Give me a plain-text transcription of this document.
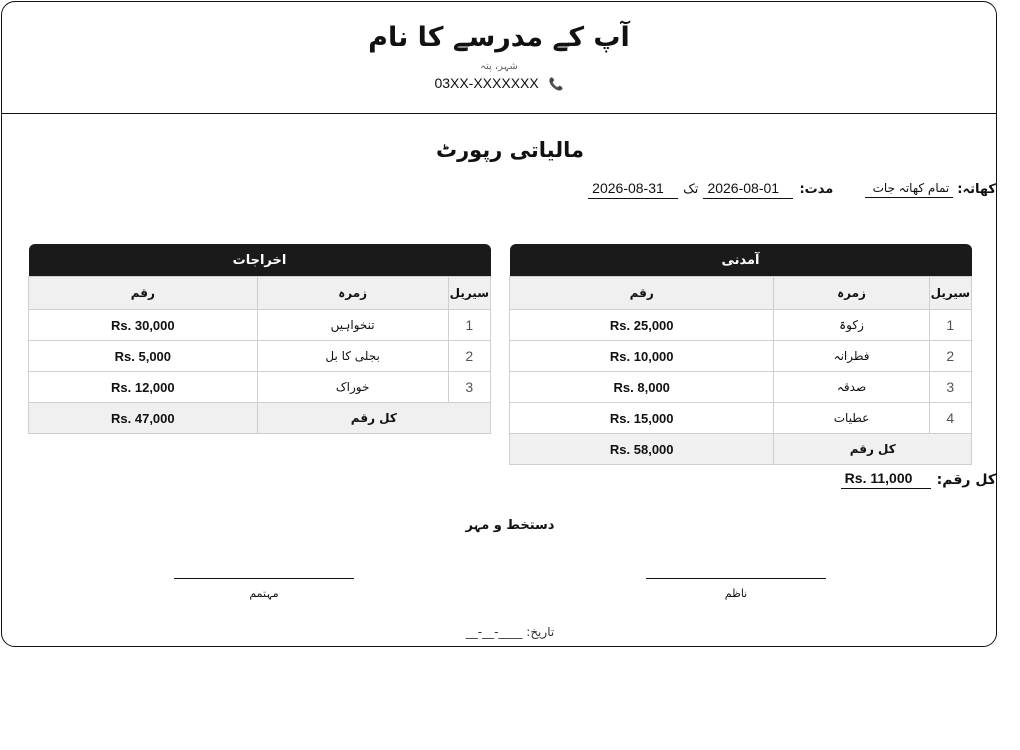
آپ کے مدرسے کا نام
شہر، پتہ
03XX-XXXXXXX 📞
مالیاتی رپورٹ
کھاتہ:
تمام کھاتہ جات
مدت:
2026-08-01
تک
2026-08-31
آمدنی		
سیریل	زمرہ	رقم
1	زکوۃ	Rs. 25,000
2	فطرانہ	Rs. 10,000
3	صدقہ	Rs. 8,000
4	عطیات	Rs. 15,000
کل رقم		Rs. 58,000
اخراجات		
سیریل	زمرہ	رقم
1	تنخواہیں	Rs. 30,000
2	بجلی کا بل	Rs. 5,000
3	خوراک	Rs. 12,000
کل رقم		Rs. 47,000
کل رقم:
Rs. 11,000
دستخط و مہر
ناظم
مہتمم
تاریخ: ____-__-__
